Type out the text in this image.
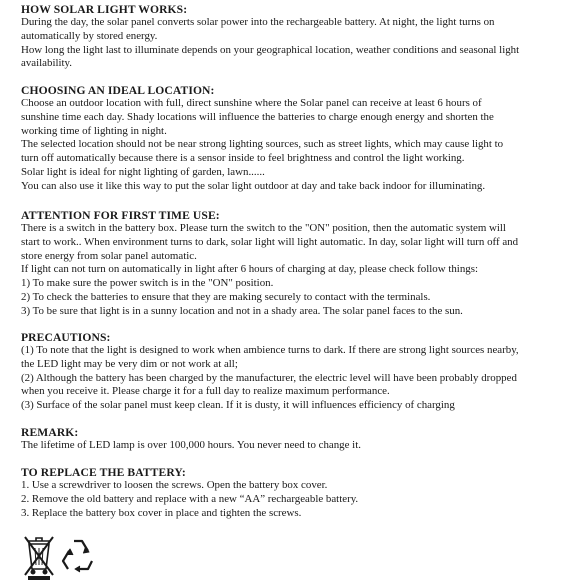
HOW SOLAR LIGHT WORKS:
During the day, the solar panel converts solar power into the rechargeable battery. At night, the light turns on
automatically by stored energy.
How long the light last to illuminate depends on your geographical location, weather conditions and seasonal light
availability.
CHOOSING AN IDEAL LOCATION:
Choose an outdoor location with full, direct sunshine where the Solar panel can receive at least 6 hours of
sunshine time each day. Shady locations will influence the batteries to charge enough energy and shorten the
working time of lighting in night.
The selected location should not be near strong lighting sources, such as street lights, which may cause light to
turn off automatically because there is a sensor inside to feel brightness and control the light working.
Solar light is ideal for night lighting of garden, lawn......
You can also use it like this way to put the solar light outdoor at day and take back indoor for illuminating.
ATTENTION FOR FIRST TIME USE:
There is a switch in the battery box. Please turn the switch to the "ON" position, then the automatic system will
start to work.. When environment turns to dark, solar light will light automatic. In day, solar light will turn off and
store energy from solar panel automatic.
If light can not turn on automatically in light after 6 hours of charging at day, please check follow things:
1) To make sure the power switch is in the "ON" position.
2) To check the batteries to ensure that they are making securely to contact with the terminals.
3) To be sure that light is in a sunny location and not in a shady area. The solar panel faces to the sun.
PRECAUTIONS:
(1) To note that the light is designed to work when ambience turns to dark. If there are strong light sources nearby,
the LED light may be very dim or not work at all;
(2) Although the battery has been charged by the manufacturer, the electric level will have been probably dropped
when you receive it. Please charge it for a full day to realize maximum performance.
(3) Surface of the solar panel must keep clean. If it is dusty, it will influences efficiency of charging
REMARK:
The lifetime of LED lamp is over 100,000 hours. You never need to change it.
TO REPLACE THE BATTERY:
1. Use a screwdriver to loosen the screws. Open the battery box cover.
2. Remove the old battery and replace with a new “AA” rechargeable battery.
3. Replace the battery box cover in place and tighten the screws.
